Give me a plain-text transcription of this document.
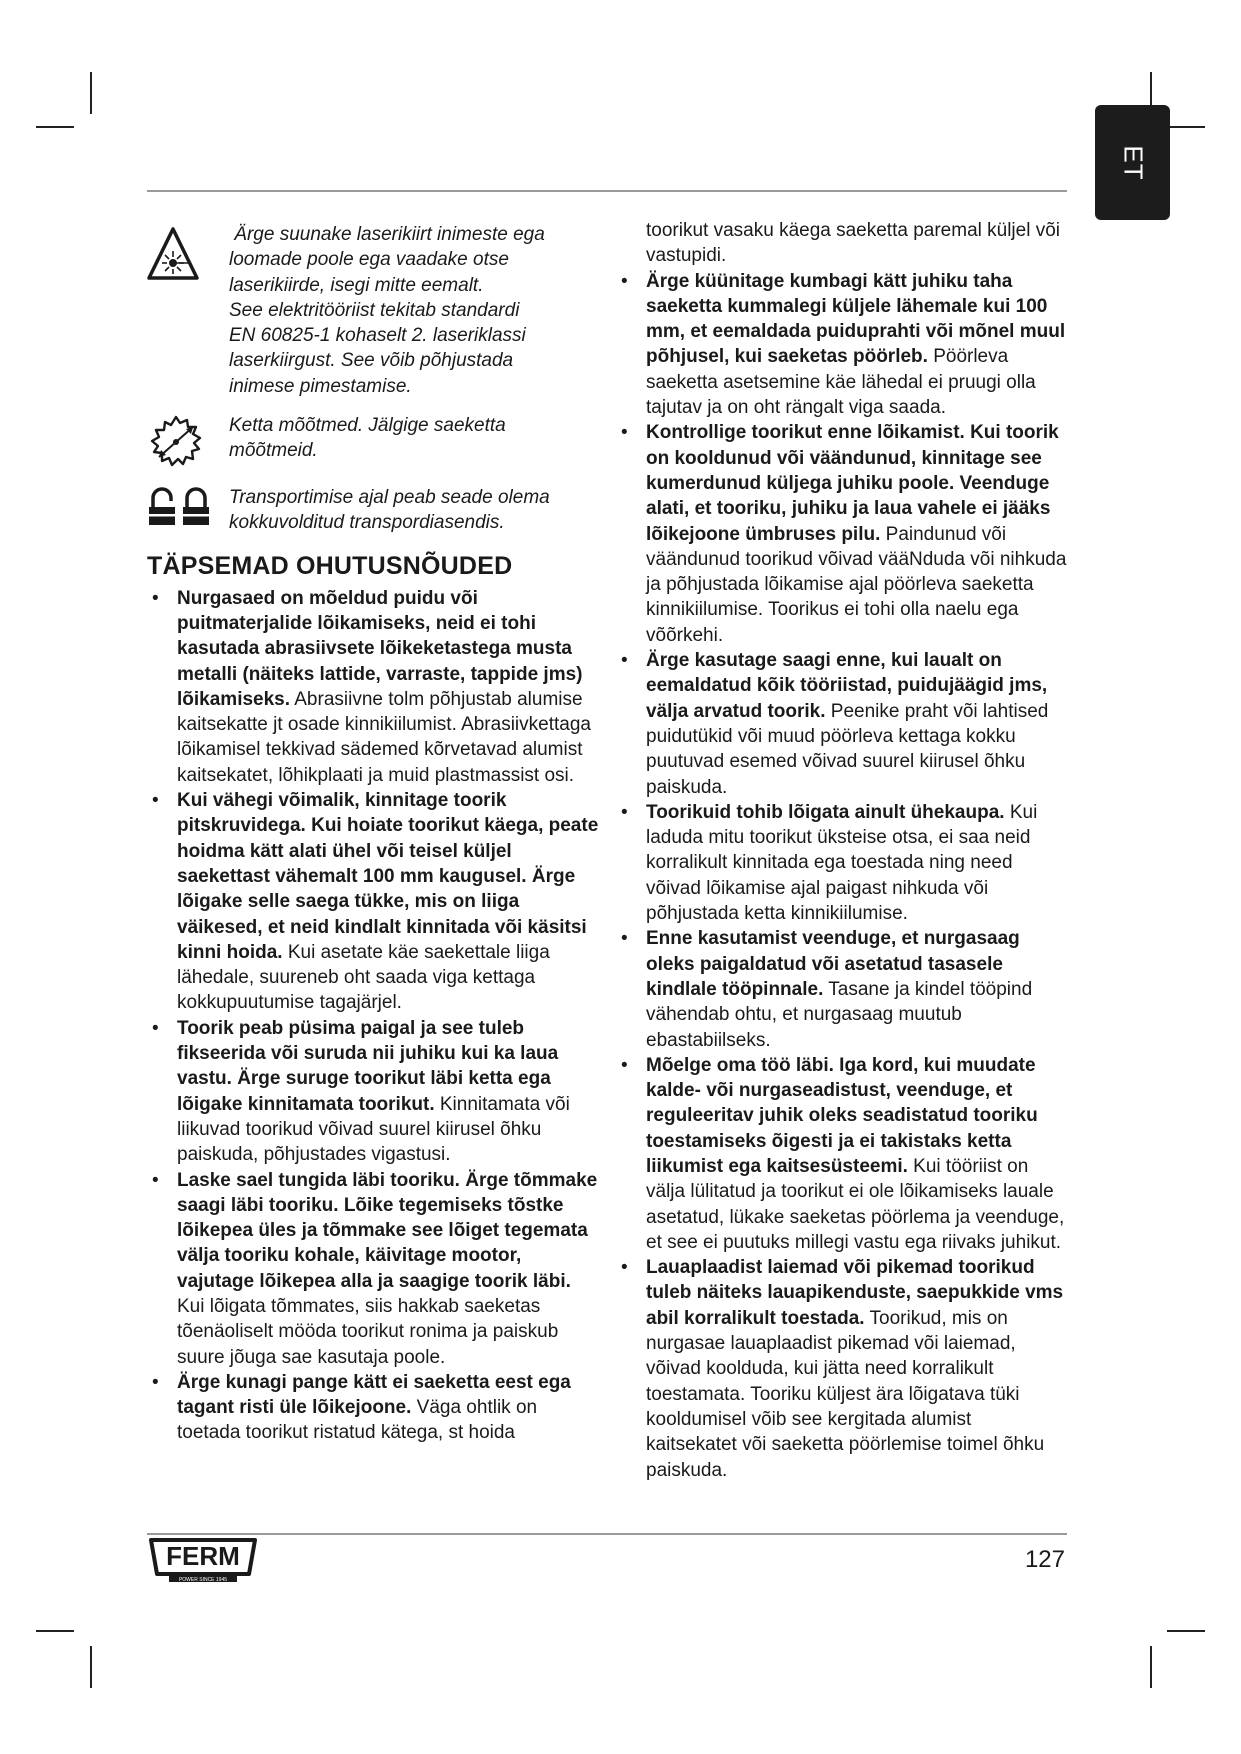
ET

Ärge suunake laserikiirt inimeste ega

loomade poole ega vaadake otse

laserikiirde, isegi mitte eemalt.

See elektritööriist tekitab standardi

EN 60825-1 kohaselt 2. laseriklassi

laserkiirgust. See võib põhjustada

inimese pimestamise.

Ketta mõõtmed. Jälgige saeketta

mõõtmeid.

Transportimise ajal peab seade olema

kokkuvolditud transpordiasendis.

TÄPSEMAD OHUTUSNÕUDED
• Nurgasaed on mõeldud puidu või puitmaterjalide lõikamiseks, neid ei tohi kasutada abrasiivsete lõikeketastega musta metalli (näiteks lattide, varraste, tappide jms) lõikamiseks. Abrasiivne tolm põhjustab alumise kaitsekatte jt osade kinnikiilumist. Abrasiivkettaga lõikamisel tekkivad sädemed kõrvetavad alumist kaitsekatet, lõhikplaati ja muid plastmassist osi.
• Kui vähegi võimalik, kinnitage toorik pitskruvidega. Kui hoiate toorikut käega, peate hoidma kätt alati ühel või teisel küljel saekettast vähemalt 100 mm kaugusel. Ärge lõigake selle saega tükke, mis on liiga väikesed, et neid kindlalt kinnitada või käsitsi kinni hoida. Kui asetate käe saekettale liiga lähedale, suureneb oht saada viga kettaga kokkupuutumise tagajärjel.
• Toorik peab püsima paigal ja see tuleb fikseerida või suruda nii juhiku kui ka laua vastu. Ärge suruge toorikut läbi ketta ega lõigake kinnitamata toorikut. Kinnitamata või liikuvad toorikud võivad suurel kiirusel õhku paiskuda, põhjustades vigastusi.
• Laske sael tungida läbi tooriku. Ärge tõmmake saagi läbi tooriku. Lõike tegemiseks tõstke lõikepea üles ja tõmmake see lõiget tegemata välja tooriku kohale, käivitage mootor, vajutage lõikepea alla ja saagige toorik läbi. Kui lõigata tõmmates, siis hakkab saeketas tõenäoliselt mööda toorikut ronima ja paiskub suure jõuga sae kasutaja poole.
• Ärge kunagi pange kätt ei saeketta eest ega tagant risti üle lõikejoone. Väga ohtlik on toetada toorikut ristatud kätega, st hoida
toorikut vasaku käega saeketta paremal küljel või vastupidi.
• Ärge küünitage kumbagi kätt juhiku taha saeketta kummalegi küljele lähemale kui 100 mm, et eemaldada puiduprahti või mõnel muul põhjusel, kui saeketas pöörleb. Pöörleva saeketta asetsemine käe lähedal ei pruugi olla tajutav ja on oht rängalt viga saada.
• Kontrollige toorikut enne lõikamist. Kui toorik on kooldunud või väändunud, kinnitage see kumerdunud küljega juhiku poole. Veenduge alati, et tooriku, juhiku ja laua vahele ei jääks lõikejoone ümbruses pilu. Paindunud või väändunud toorikud võivad vääNduda või nihkuda ja põhjustada lõikamise ajal pöörleva saeketta kinnikiilumise. Toorikus ei tohi olla naelu ega võõrkehi.
• Ärge kasutage saagi enne, kui laualt on eemaldatud kõik tööriistad, puidujäägid jms, välja arvatud toorik. Peenike praht või lahtised puidutükid või muud pöörleva kettaga kokku puutuvad esemed võivad suurel kiirusel õhku paiskuda.
• Toorikuid tohib lõigata ainult ühekaupa. Kui laduda mitu toorikut üksteise otsa, ei saa neid korralikult kinnitada ega toestada ning need võivad lõikamise ajal paigast nihkuda või põhjustada ketta kinnikiilumise.
• Enne kasutamist veenduge, et nurgasaag oleks paigaldatud või asetatud tasasele kindlale tööpinnale. Tasane ja kindel tööpind vähendab ohtu, et nurgasaag muutub ebastabiilseks.
• Mõelge oma töö läbi. Iga kord, kui muudate kalde- või nurgaseadistust, veenduge, et reguleeritav juhik oleks seadistatud tooriku toestamiseks õigesti ja ei takistaks ketta liikumist ega kaitsesüsteemi. Kui tööriist on välja lülitatud ja toorikut ei ole lõikamiseks lauale asetatud, lükake saeketas pöörlema ja veenduge, et see ei puutuks millegi vastu ega riivaks juhikut.
• Lauaplaadist laiemad või pikemad toorikud tuleb näiteks lauapikenduste, saepukkide vms abil korralikult toestada. Toorikud, mis on nurgasae lauaplaadist pikemad või laiemad, võivad koolduda, kui jätta need korralikult toestamata. Tooriku küljest ära lõigatava tüki kooldumisel võib see kergitada alumist kaitsekatet või saeketta pöörlemise toimel õhku paiskuda.
FERM
POWER SINCE 1945
127
